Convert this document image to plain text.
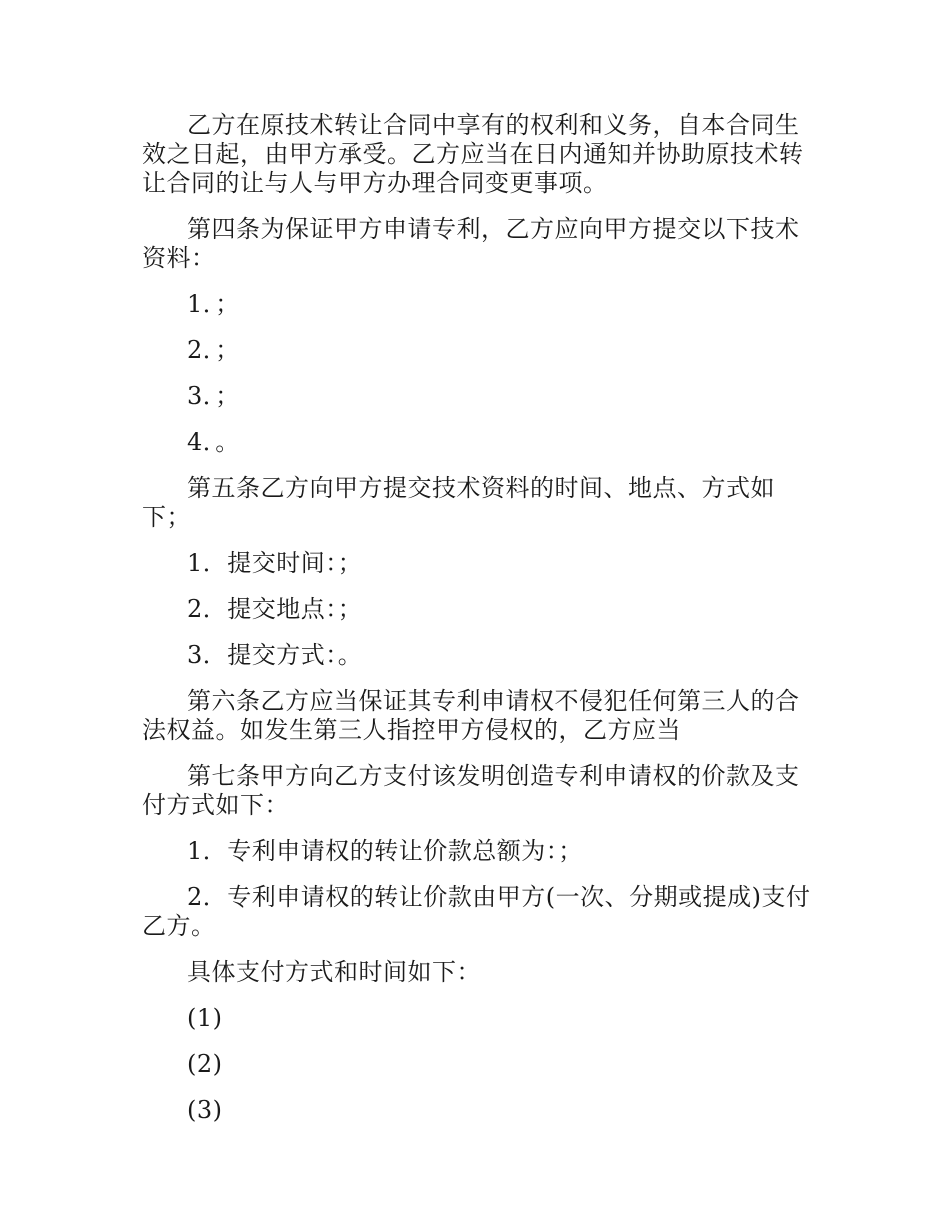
乙方在原技术转让合同中享有的权利和义务，自本合同生效之日起，由甲方承受。乙方应当在日内通知并协助原技术转让合同的让与人与甲方办理合同变更事项。

第四条为保证甲方申请专利，乙方应向甲方提交以下技术资料：

1．；

2．；

3．；

4．。

第五条乙方向甲方提交技术资料的时间、地点、方式如下；

1．提交时间：；

2．提交地点：；

3．提交方式：。

第六条乙方应当保证其专利申请权不侵犯任何第三人的合法权益。如发生第三人指控甲方侵权的，乙方应当

第七条甲方向乙方支付该发明创造专利申请权的价款及支付方式如下：

1．专利申请权的转让价款总额为：；

2．专利申请权的转让价款由甲方(一次、分期或提成)支付乙方。

具体支付方式和时间如下：

(1)

(2)

(3)
